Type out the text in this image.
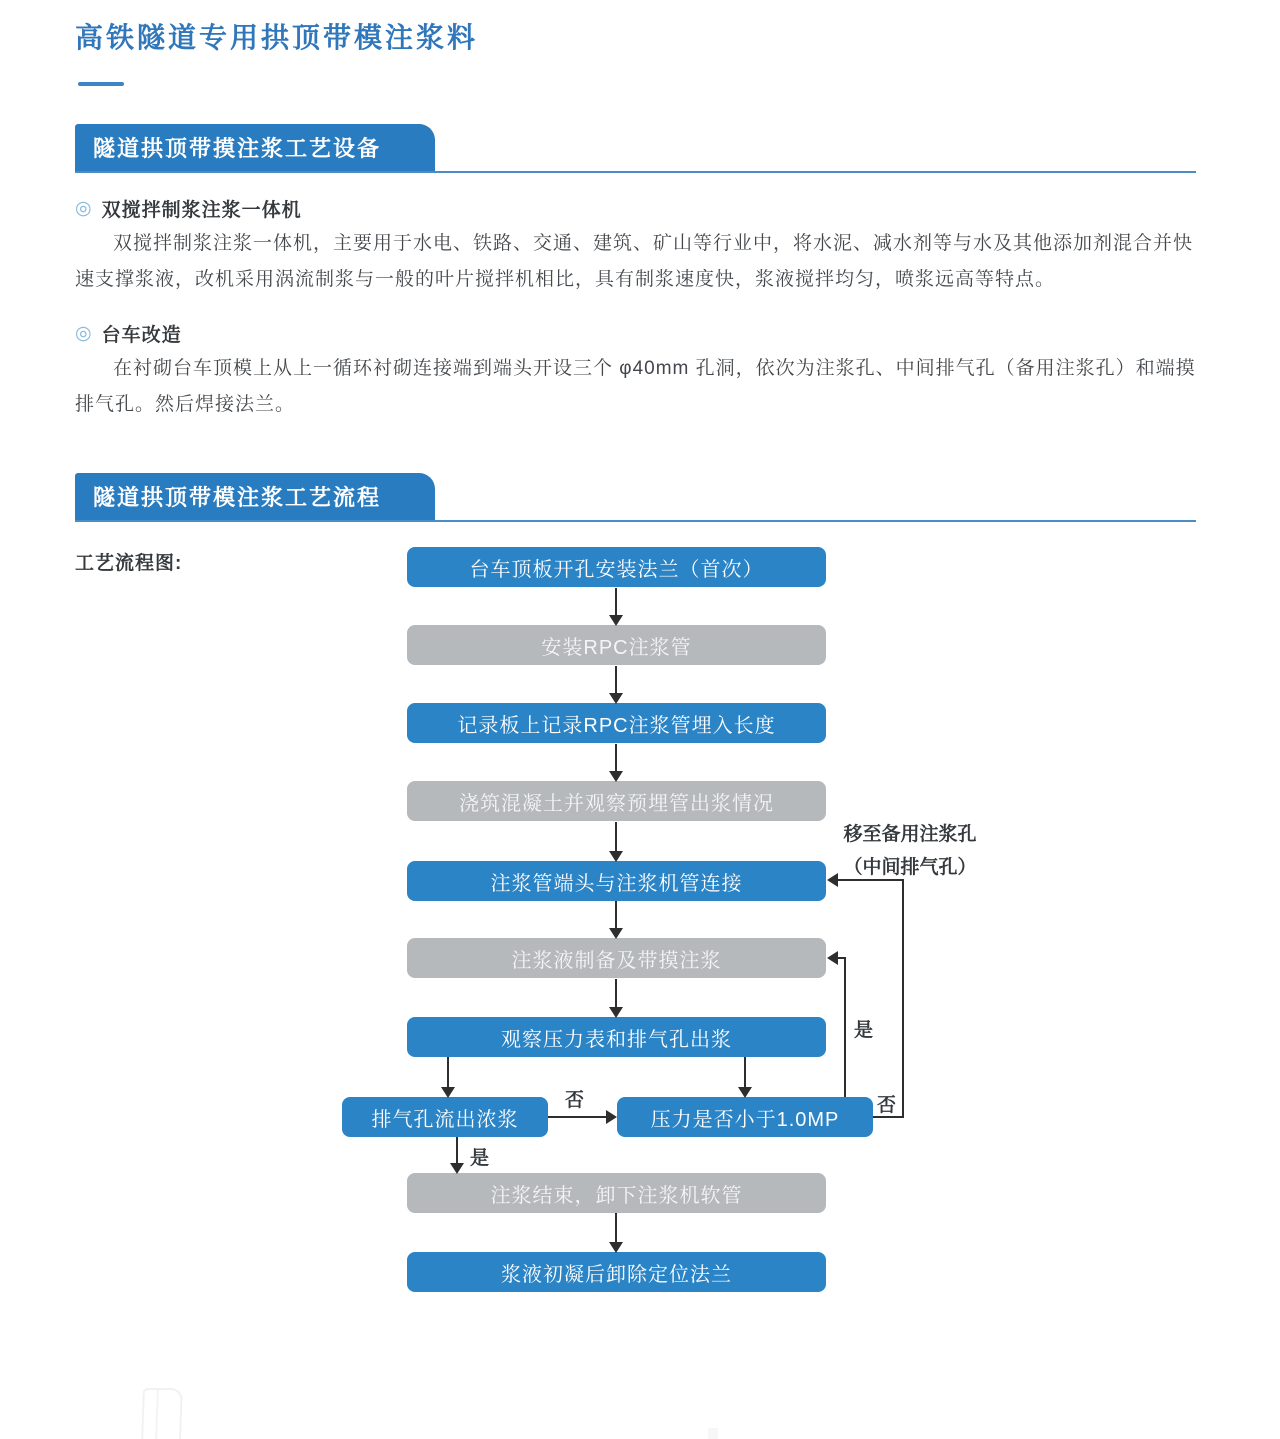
高铁隧道专用拱顶带模注浆料
隧道拱顶带摸注浆工艺设备
◎ 双搅拌制浆注浆一体机

双搅拌制浆注浆一体机，主要用于水电、铁路、交通、建筑、矿山等行业中，将水泥、减水剂等与水及其他添加剂混合并快速支撑浆液，改机采用涡流制浆与一般的叶片搅拌机相比，具有制浆速度快，浆液搅拌均匀，喷浆远高等特点。

◎ 台车改造

在衬砌台车顶模上从上一循环衬砌连接端到端头开设三个 φ40mm 孔洞，依次为注浆孔、中间排气孔（备用注浆孔）和端摸排气孔。然后焊接法兰。

隧道拱顶带模注浆工艺流程
工艺流程图:	台车顶板开孔安装法兰（首次）
安装RPC注浆管
记录板上记录RPC注浆管埋入长度
浇筑混凝土并观察预埋管出浆情况
注浆管端头与注浆机管连接
注浆液制备及带摸注浆
观察压力表和排气孔出浆
排气孔流出浓浆	压力是否小于1.0MP
注浆结束，卸下注浆机软管
浆液初凝后卸除定位法兰
否
是
是
否
移至备用注浆孔
（中间排气孔）
